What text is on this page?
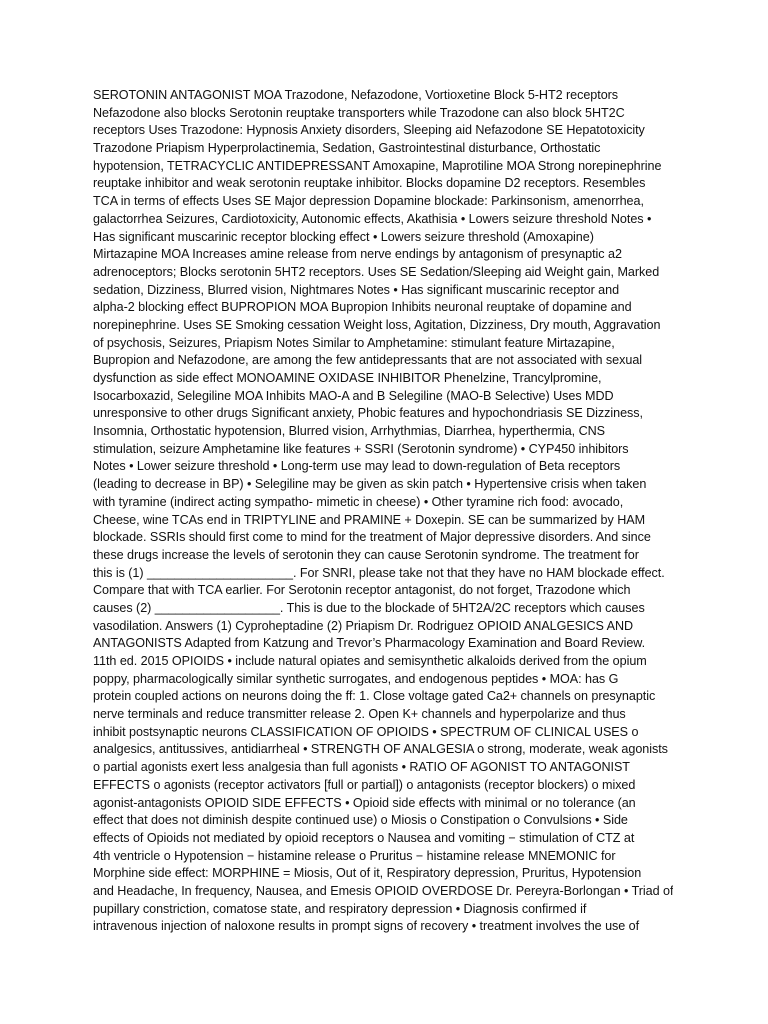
SEROTONIN ANTAGONIST MOA Trazodone, Nefazodone, Vortioxetine Block 5-HT2 receptors
Nefazodone also blocks Serotonin reuptake transporters while Trazodone can also block 5HT2C
receptors Uses Trazodone: Hypnosis Anxiety disorders, Sleeping aid Nefazodone SE Hepatotoxicity
Trazodone Priapism Hyperprolactinemia, Sedation, Gastrointestinal disturbance, Orthostatic
hypotension, TETRACYCLIC ANTIDEPRESSANT Amoxapine, Maprotiline MOA Strong norepinephrine
reuptake inhibitor and weak serotonin reuptake inhibitor. Blocks dopamine D2 receptors. Resembles
TCA in terms of effects Uses SE Major depression Dopamine blockade: Parkinsonism, amenorrhea,
galactorrhea Seizures, Cardiotoxicity, Autonomic effects, Akathisia • Lowers seizure threshold Notes •
Has significant muscarinic receptor blocking effect • Lowers seizure threshold (Amoxapine)
Mirtazapine MOA Increases amine release from nerve endings by antagonism of presynaptic a2
adrenoceptors; Blocks serotonin 5HT2 receptors. Uses SE Sedation/Sleeping aid Weight gain, Marked
sedation, Dizziness, Blurred vision, Nightmares Notes • Has significant muscarinic receptor and
alpha-2 blocking effect BUPROPION MOA Bupropion Inhibits neuronal reuptake of dopamine and
norepinephrine. Uses SE Smoking cessation Weight loss, Agitation, Dizziness, Dry mouth, Aggravation
of psychosis, Seizures, Priapism Notes Similar to Amphetamine: stimulant feature Mirtazapine,
Bupropion and Nefazodone, are among the few antidepressants that are not associated with sexual
dysfunction as side effect MONOAMINE OXIDASE INHIBITOR Phenelzine, Trancylpromine,
Isocarboxazid, Selegiline MOA Inhibits MAO-A and B Selegiline (MAO-B Selective) Uses MDD
unresponsive to other drugs Significant anxiety, Phobic features and hypochondriasis SE Dizziness,
Insomnia, Orthostatic hypotension, Blurred vision, Arrhythmias, Diarrhea, hyperthermia, CNS
stimulation, seizure Amphetamine like features + SSRI (Serotonin syndrome) • CYP450 inhibitors
Notes • Lower seizure threshold • Long-term use may lead to down-regulation of Beta receptors
(leading to decrease in BP) • Selegiline may be given as skin patch • Hypertensive crisis when taken
with tyramine (indirect acting sympatho- mimetic in cheese) • Other tyramine rich food: avocado,
Cheese, wine TCAs end in TRIPTYLINE and PRAMINE + Doxepin. SE can be summarized by HAM
blockade. SSRIs should first come to mind for the treatment of Major depressive disorders. And since
these drugs increase the levels of serotonin they can cause Serotonin syndrome. The treatment for
this is (1) _____________________. For SNRI, please take not that they have no HAM blockade effect.
Compare that with TCA earlier. For Serotonin receptor antagonist, do not forget, Trazodone which
causes (2) __________________. This is due to the blockade of 5HT2A/2C receptors which causes
vasodilation. Answers (1) Cyproheptadine (2) Priapism Dr. Rodriguez OPIOID ANALGESICS AND
ANTAGONISTS Adapted from Katzung and Trevor’s Pharmacology Examination and Board Review.
11th ed. 2015 OPIOIDS • include natural opiates and semisynthetic alkaloids derived from the opium
poppy, pharmacologically similar synthetic surrogates, and endogenous peptides • MOA: has G
protein coupled actions on neurons doing the ff: 1. Close voltage gated Ca2+ channels on presynaptic
nerve terminals and reduce transmitter release 2. Open K+ channels and hyperpolarize and thus
inhibit postsynaptic neurons CLASSIFICATION OF OPIOIDS • SPECTRUM OF CLINICAL USES o
analgesics, antitussives, antidiarrheal • STRENGTH OF ANALGESIA o strong, moderate, weak agonists
o partial agonists exert less analgesia than full agonists • RATIO OF AGONIST TO ANTAGONIST
EFFECTS o agonists (receptor activators [full or partial]) o antagonists (receptor blockers) o mixed
agonist-antagonists OPIOID SIDE EFFECTS • Opioid side effects with minimal or no tolerance (an
effect that does not diminish despite continued use) o Miosis o Constipation o Convulsions • Side
effects of Opioids not mediated by opioid receptors o Nausea and vomiting − stimulation of CTZ at
4th ventricle o Hypotension − histamine release o Pruritus − histamine release MNEMONIC for
Morphine side effect: MORPHINE = Miosis, Out of it, Respiratory depression, Pruritus, Hypotension
and Headache, In frequency, Nausea, and Emesis OPIOID OVERDOSE Dr. Pereyra-Borlongan • Triad of
pupillary constriction, comatose state, and respiratory depression • Diagnosis confirmed if
intravenous injection of naloxone results in prompt signs of recovery • treatment involves the use of
